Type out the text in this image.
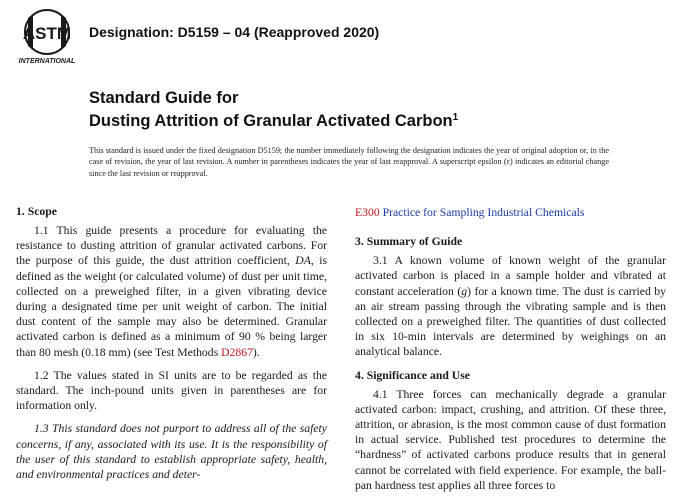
ASTM
INTERNATIONAL
Designation: D5159 – 04 (Reapproved 2020)
Standard Guide for
Dusting Attrition of Granular Activated Carbon$^1$
This standard is issued under the fixed designation D5159; the number immediately following the designation indicates the year of original adoption or, in the case of revision, the year of last revision. A number in parentheses indicates the year of last reapproval. A superscript epsilon (ε) indicates an editorial change since the last revision or reapproval.
1. Scope

1.1 This guide presents a procedure for evaluating the resistance to dusting attrition of granular activated carbons. For the purpose of this guide, the dust attrition coefficient, DA, is defined as the weight (or calculated volume) of dust per unit time, collected on a preweighed filter, in a given vibrating device during a designated time per unit weight of carbon. The initial dust content of the sample may also be determined. Granular activated carbon is defined as a minimum of 90 % being larger than 80 mesh (0.18 mm) (see Test Methods D2867).

1.2 The values stated in SI units are to be regarded as the standard. The inch-pound units given in parentheses are for information only.

1.3 This standard does not purport to address all of the safety concerns, if any, associated with its use. It is the responsibility of the user of this standard to establish appropriate safety, health, and environmental practices and deter-

E300 Practice for Sampling Industrial Chemicals

3. Summary of Guide

3.1 A known volume of known weight of the granular activated carbon is placed in a sample holder and vibrated at constant acceleration (g) for a known time. The dust is carried by an air stream passing through the vibrating sample and is then collected on a preweighed filter. The quantities of dust collected in six 10-min intervals are determined by weighings on an analytical balance.

4. Significance and Use

4.1 Three forces can mechanically degrade a granular activated carbon: impact, crushing, and attrition. Of these three, attrition, or abrasion, is the most common cause of dust formation in actual service. Published test procedures to determine the “hardness” of activated carbons produce results that in general cannot be correlated with field experience. For example, the ball-pan hardness test applies all three forces to
